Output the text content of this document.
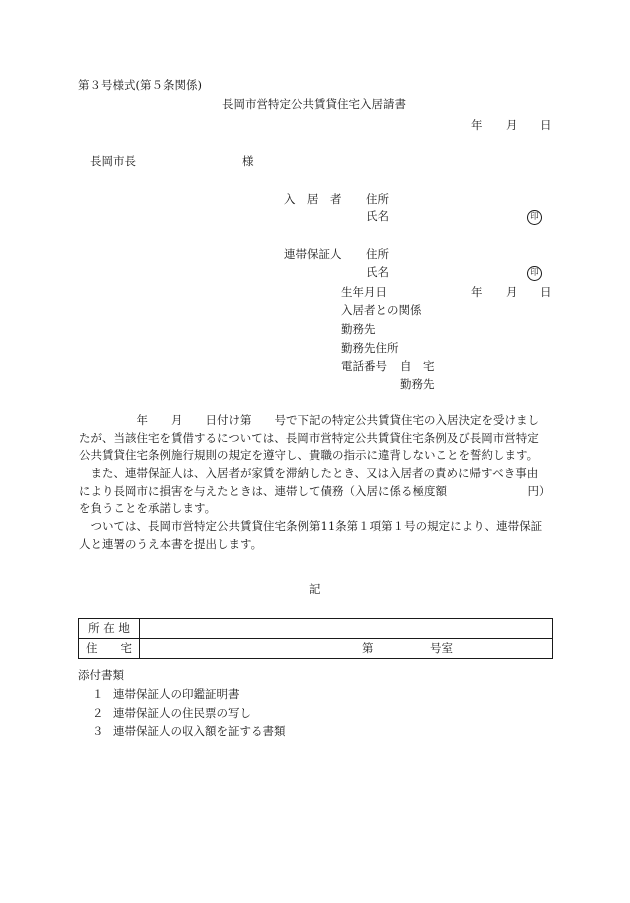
第３号様式(第５条関係)
長岡市営特定公共賃貸住宅入居請書
年 月 日
長岡市長	様
入　居　者 住所
氏名	印
連帯保証人 住所
氏名	印
生年月日	年 月 日
入居者との関係
勤務先
勤務先住所
電話番号 自　宅
勤務先
　　　　　年　　月　　日付け第　　号で下記の特定公共賃貸住宅の入居決定を受けまし
たが、当該住宅を賃借するについては、長岡市営特定公共賃貸住宅条例及び長岡市営特定
公共賃貸住宅条例施行規則の規定を遵守し、貴職の指示に違背しないことを誓約します。
　また、連帯保証人は、入居者が家賃を滞納したとき、又は入居者の責めに帰すべき事由
により長岡市に損害を与えたときは、連帯して債務（入居に係る極度額　　　　　　　円）
を負うことを承諾します。
　ついては、長岡市営特定公共賃貸住宅条例第11条第１項第１号の規定により、連帯保証
人と連署のうえ本書を提出します。
記
所 在 地	
住　　宅	第 号室
添付書類
１ 連帯保証人の印鑑証明書
２ 連帯保証人の住民票の写し
３ 連帯保証人の収入額を証する書類
